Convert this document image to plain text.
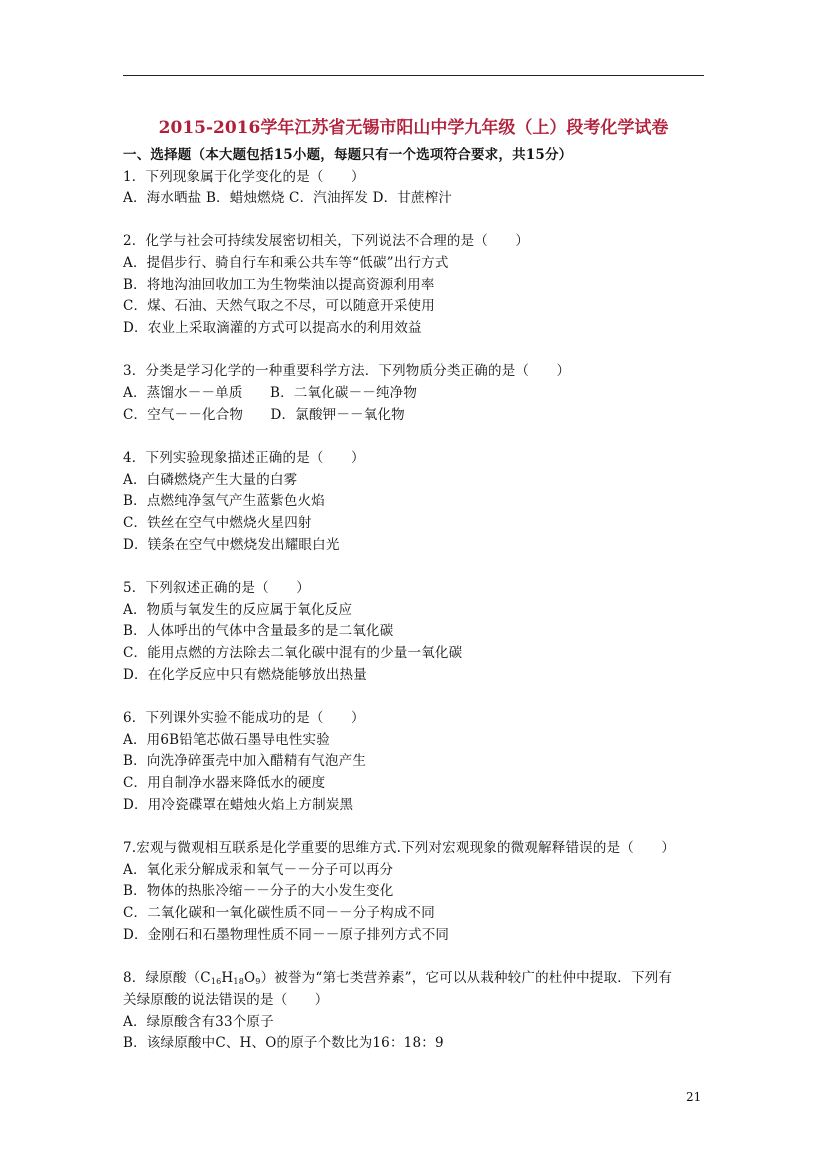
2015-2016学年江苏省无锡市阳山中学九年级（上）段考化学试卷
一、选择题（本大题包括15小题，每题只有一个选项符合要求，共15分）
1．下列现象属于化学变化的是（　　）
A．海水晒盐 B．蜡烛燃烧 C．汽油挥发 D．甘蔗榨汁
2．化学与社会可持续发展密切相关，下列说法不合理的是（　　）
A．提倡步行、骑自行车和乘公共车等“低碳”出行方式
B．将地沟油回收加工为生物柴油以提高资源利用率
C．煤、石油、天然气取之不尽，可以随意开采使用
D．农业上采取滴灌的方式可以提高水的利用效益
3．分类是学习化学的一种重要科学方法．下列物质分类正确的是（　　）
A．蒸馏水－－单质　　B．二氧化碳－－纯净物
C．空气－－化合物　　D．氯酸钾－－氧化物
4．下列实验现象描述正确的是（　　）
A．白磷燃烧产生大量的白雾
B．点燃纯净氢气产生蓝紫色火焰
C．铁丝在空气中燃烧火星四射
D．镁条在空气中燃烧发出耀眼白光
5．下列叙述正确的是（　　）
A．物质与氧发生的反应属于氧化反应
B．人体呼出的气体中含量最多的是二氧化碳
C．能用点燃的方法除去二氧化碳中混有的少量一氧化碳
D．在化学反应中只有燃烧能够放出热量
6．下列课外实验不能成功的是（　　）
A．用6B铅笔芯做石墨导电性实验
B．向洗净碎蛋壳中加入醋精有气泡产生
C．用自制净水器来降低水的硬度
D．用冷瓷碟罩在蜡烛火焰上方制炭黑
7.宏观与微观相互联系是化学重要的思维方式.下列对宏观现象的微观解释错误的是（　　）
A．氧化汞分解成汞和氧气－－分子可以再分
B．物体的热胀冷缩－－分子的大小发生变化
C．二氧化碳和一氧化碳性质不同－－分子构成不同
D．金刚石和石墨物理性质不同－－原子排列方式不同
8．绿原酸$(C_{16}H_{18}O_9)$被誉为“第七类营养素”，它可以从栽种较广的杜仲中提取．下列有
关绿原酸的说法错误的是（　　）
A．绿原酸含有33个原子
B．该绿原酸中C、H、O的原子个数比为16：18：9
21
